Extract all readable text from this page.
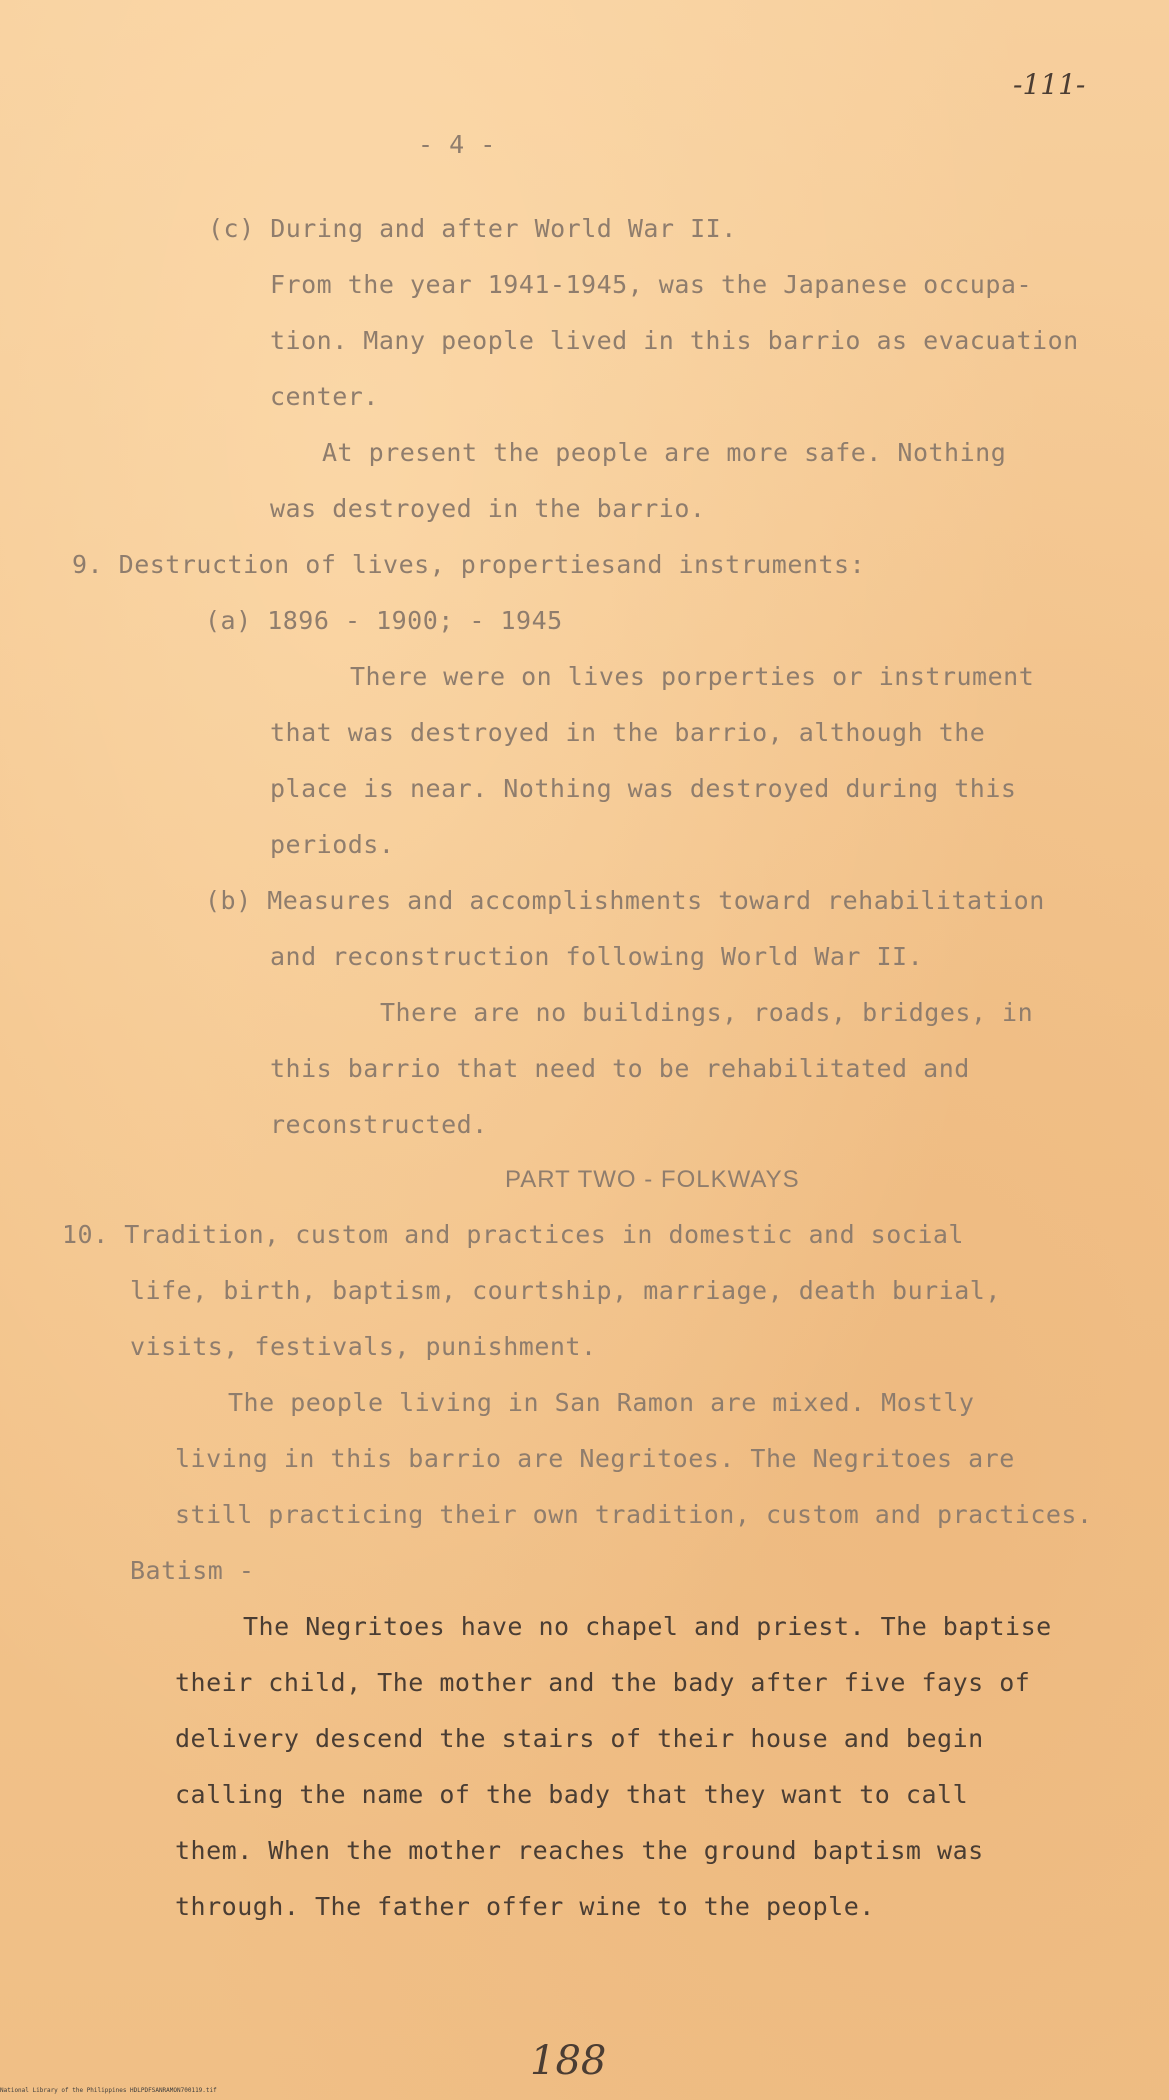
-111-
- 4 -
(c) During and after World War II.
From the year 1941-1945, was the Japanese occupa-
tion. Many people lived in this barrio as evacuation
center.
At present the people are more safe. Nothing
was destroyed in the barrio.
9. Destruction of lives, propertiesand instruments:
(a) 1896 - 1900; - 1945
There were on lives porperties or instrument
that was destroyed in the barrio, although the
place is near. Nothing was destroyed during this
periods.
(b) Measures and accomplishments toward rehabilitation
and reconstruction following World War II.
There are no buildings, roads, bridges, in
this barrio that need to be rehabilitated and
reconstructed.
PART TWO - FOLKWAYS
10. Tradition, custom and practices in domestic and social
life, birth, baptism, courtship, marriage, death burial,
visits, festivals, punishment.
The people living in San Ramon are mixed. Mostly
living in this barrio are Negritoes. The Negritoes are
still practicing their own tradition, custom and practices.
Batism -
The Negritoes have no chapel and priest. The baptise
their child, The mother and the bady after five fays of
delivery descend the stairs of their house and begin
calling the name of the bady that they want to call
them. When the mother reaches the ground baptism was
through. The father offer wine to the people.
188
National Library of the Philippines HDLPDFSANRAMON700119.tif
